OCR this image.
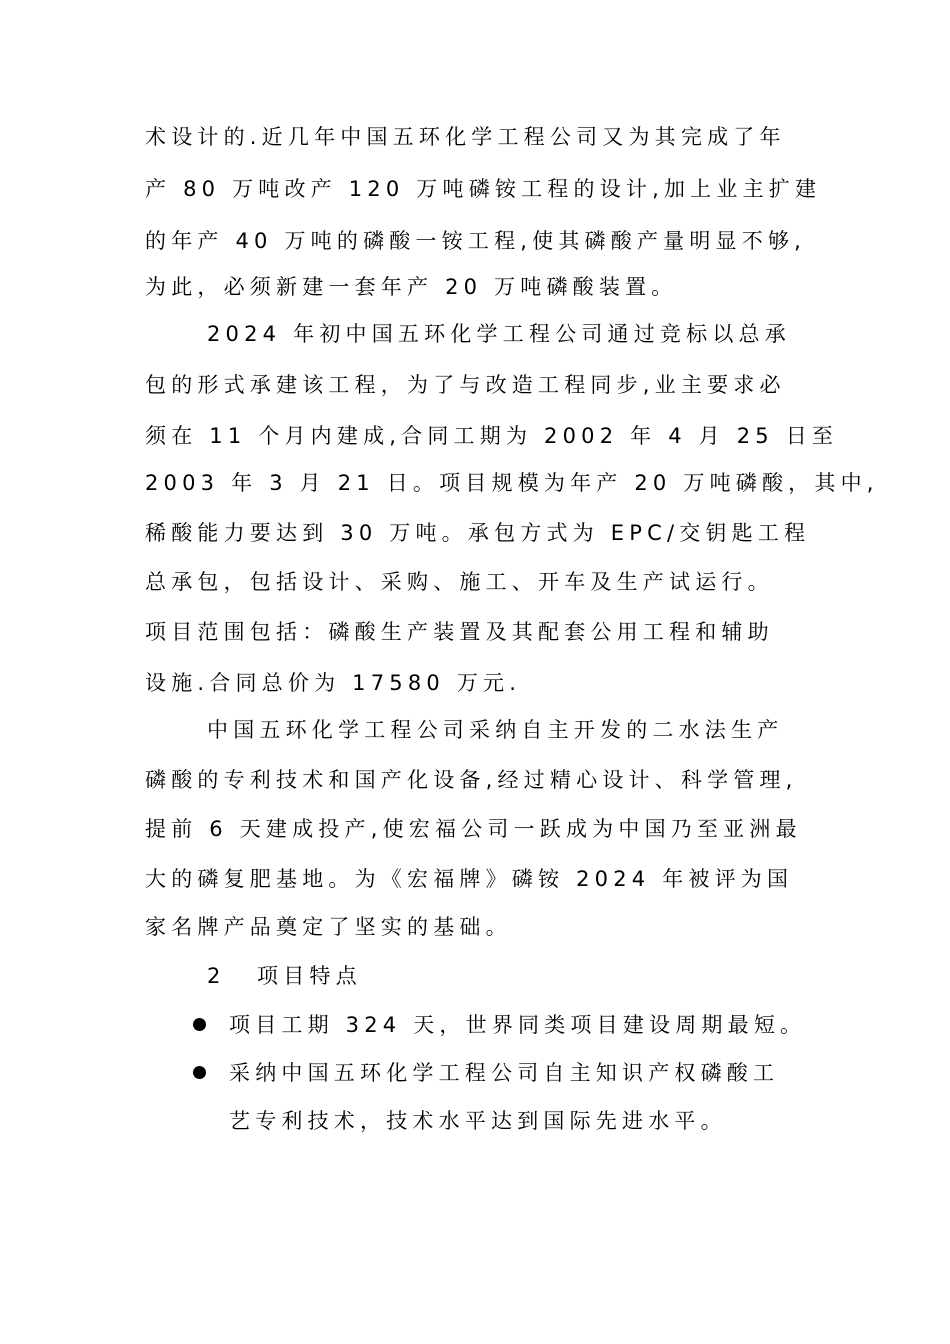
术设计的.近几年中国五环化学工程公司又为其完成了年
产 80 万吨改产 120 万吨磷铵工程的设计,加上业主扩建
的年产 40 万吨的磷酸一铵工程,使其磷酸产量明显不够,
为此，必须新建一套年产 20 万吨磷酸装置。
2024 年初中国五环化学工程公司通过竞标以总承
包的形式承建该工程，为了与改造工程同步,业主要求必
须在 11 个月内建成,合同工期为 2002 年 4 月 25 日至
2003 年 3 月 21 日。项目规模为年产 20 万吨磷酸，其中,
稀酸能力要达到 30 万吨。承包方式为 EPC/交钥匙工程
总承包，包括设计、采购、施工、开车及生产试运行。
项目范围包括：磷酸生产装置及其配套公用工程和辅助
设施.合同总价为 17580 万元.
中国五环化学工程公司采纳自主开发的二水法生产
磷酸的专利技术和国产化设备,经过精心设计、科学管理,
提前 6 天建成投产,使宏福公司一跃成为中国乃至亚洲最
大的磷复肥基地。为《宏福牌》磷铵 2024 年被评为国
家名牌产品奠定了坚实的基础。
2 项目特点
项目工期 324 天，世界同类项目建设周期最短。
采纳中国五环化学工程公司自主知识产权磷酸工
艺专利技术，技术水平达到国际先进水平。
